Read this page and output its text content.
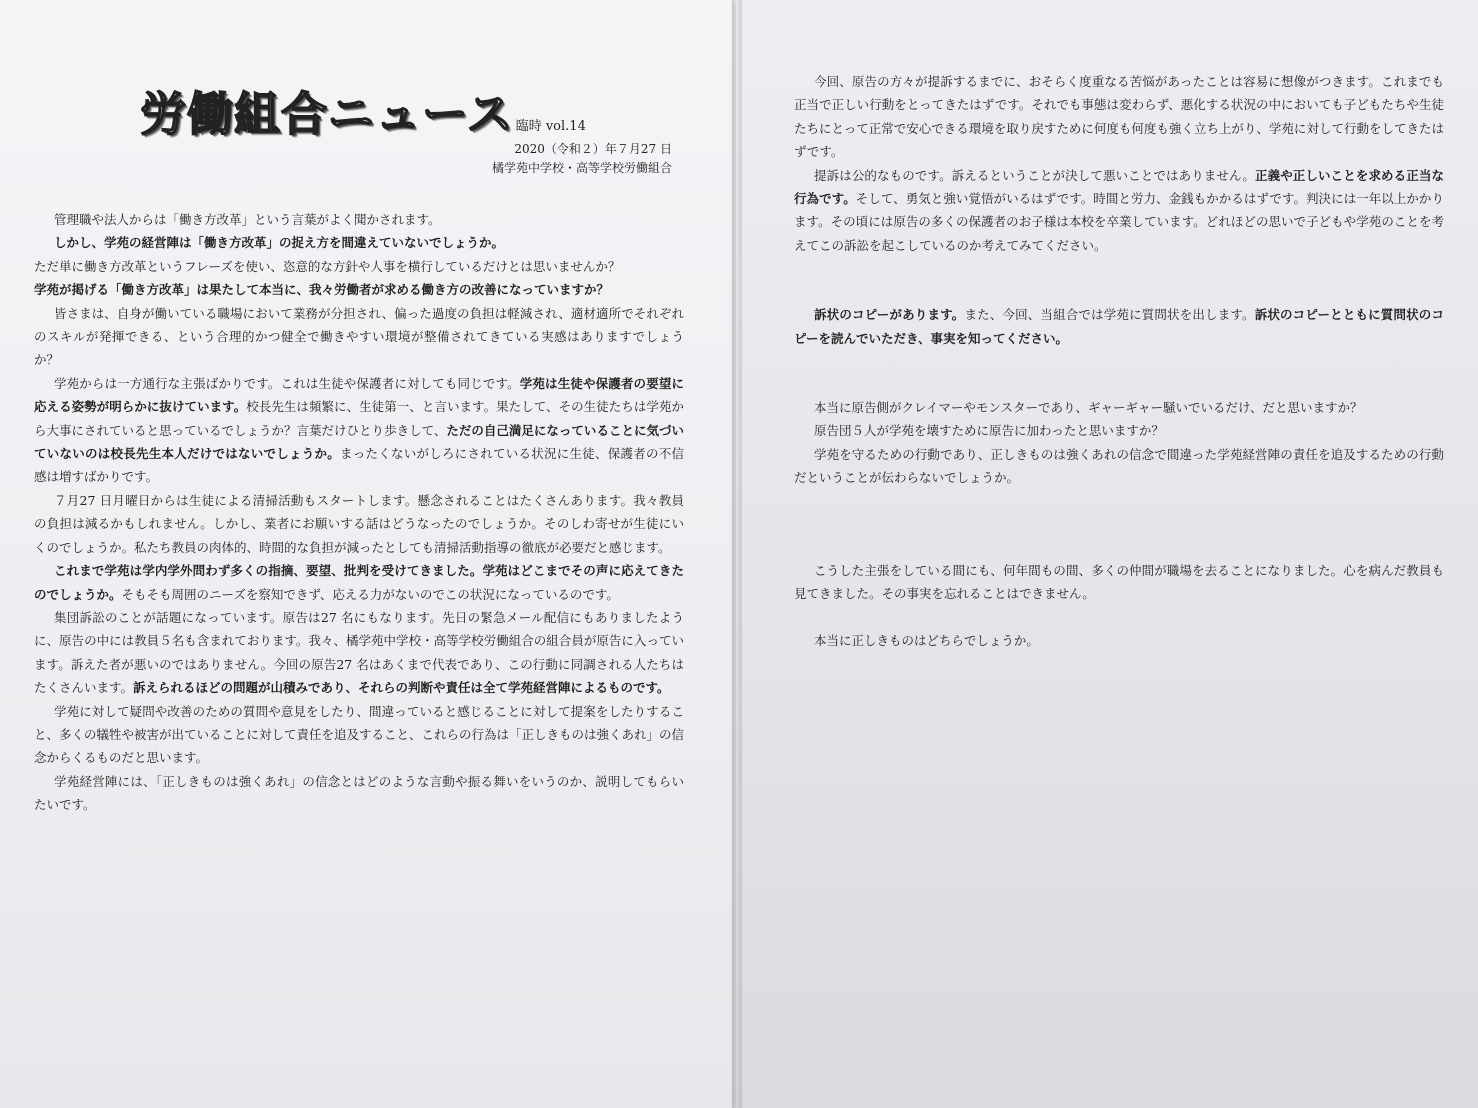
労働組合ニュース 臨時 vol.14
2020（令和２）年７月27 日
橘学苑中学校・高等学校労働組合

管理職や法人からは「働き方改革」という言葉がよく聞かされます。

しかし、学苑の経営陣は「働き方改革」の捉え方を間違えていないでしょうか。

ただ単に働き方改革というフレーズを使い、恣意的な方針や人事を横行しているだけとは思いませんか？

学苑が掲げる「働き方改革」は果たして本当に、我々労働者が求める働き方の改善になっていますか？

皆さまは、自身が働いている職場において業務が分担され、偏った過度の負担は軽減され、適材適所でそれぞれのスキルが発揮できる、という合理的かつ健全で働きやすい環境が整備されてきている実感はありますでしょうか？

学苑からは一方通行な主張ばかりです。これは生徒や保護者に対しても同じです。学苑は生徒や保護者の要望に応える姿勢が明らかに抜けています。校長先生は頻繁に、生徒第一、と言います。果たして、その生徒たちは学苑から大事にされていると思っているでしょうか？言葉だけひとり歩きして、ただの自己満足になっていることに気づいていないのは校長先生本人だけではないでしょうか。まったくないがしろにされている状況に生徒、保護者の不信感は増すばかりです。

７月27 日月曜日からは生徒による清掃活動もスタートします。懸念されることはたくさんあります。我々教員の負担は減るかもしれません。しかし、業者にお願いする話はどうなったのでしょうか。そのしわ寄せが生徒にいくのでしょうか。私たち教員の肉体的、時間的な負担が減ったとしても清掃活動指導の徹底が必要だと感じます。

これまで学苑は学内学外問わず多くの指摘、要望、批判を受けてきました。学苑はどこまでその声に応えてきたのでしょうか。そもそも周囲のニーズを察知できず、応える力がないのでこの状況になっているのです。

集団訴訟のことが話題になっています。原告は27 名にもなります。先日の緊急メール配信にもありましたように、原告の中には教員５名も含まれております。我々、橘学苑中学校・高等学校労働組合の組合員が原告に入っています。訴えた者が悪いのではありません。今回の原告27 名はあくまで代表であり、この行動に同調される人たちはたくさんいます。訴えられるほどの問題が山積みであり、それらの判断や責任は全て学苑経営陣によるものです。

学苑に対して疑問や改善のための質問や意見をしたり、間違っていると感じることに対して提案をしたりすること、多くの犠牲や被害が出ていることに対して責任を追及すること、これらの行為は「正しきものは強くあれ」の信念からくるものだと思います。

学苑経営陣には、「正しきものは強くあれ」の信念とはどのような言動や振る舞いをいうのか、説明してもらいたいです。

今回、原告の方々が提訴するまでに、おそらく度重なる苦悩があったことは容易に想像がつきます。これまでも正当で正しい行動をとってきたはずです。それでも事態は変わらず、悪化する状況の中においても子どもたちや生徒たちにとって正常で安心できる環境を取り戻すために何度も何度も強く立ち上がり、学苑に対して行動をしてきたはずです。

提訴は公的なものです。訴えるということが決して悪いことではありません。正義や正しいことを求める正当な行為です。そして、勇気と強い覚悟がいるはずです。時間と労力、金銭もかかるはずです。判決には一年以上かかります。その頃には原告の多くの保護者のお子様は本校を卒業しています。どれほどの思いで子どもや学苑のことを考えてこの訴訟を起こしているのか考えてみてください。

訴状のコピーがあります。また、今回、当組合では学苑に質問状を出します。訴状のコピーとともに質問状のコピーを読んでいただき、事実を知ってください。

本当に原告側がクレイマーやモンスターであり、ギャーギャー騒いでいるだけ、だと思いますか？

原告団５人が学苑を壊すために原告に加わったと思いますか？

学苑を守るための行動であり、正しきものは強くあれの信念で間違った学苑経営陣の責任を追及するための行動だということが伝わらないでしょうか。

こうした主張をしている間にも、何年間もの間、多くの仲間が職場を去ることになりました。心を病んだ教員も見てきました。その事実を忘れることはできません。

本当に正しきものはどちらでしょうか。
